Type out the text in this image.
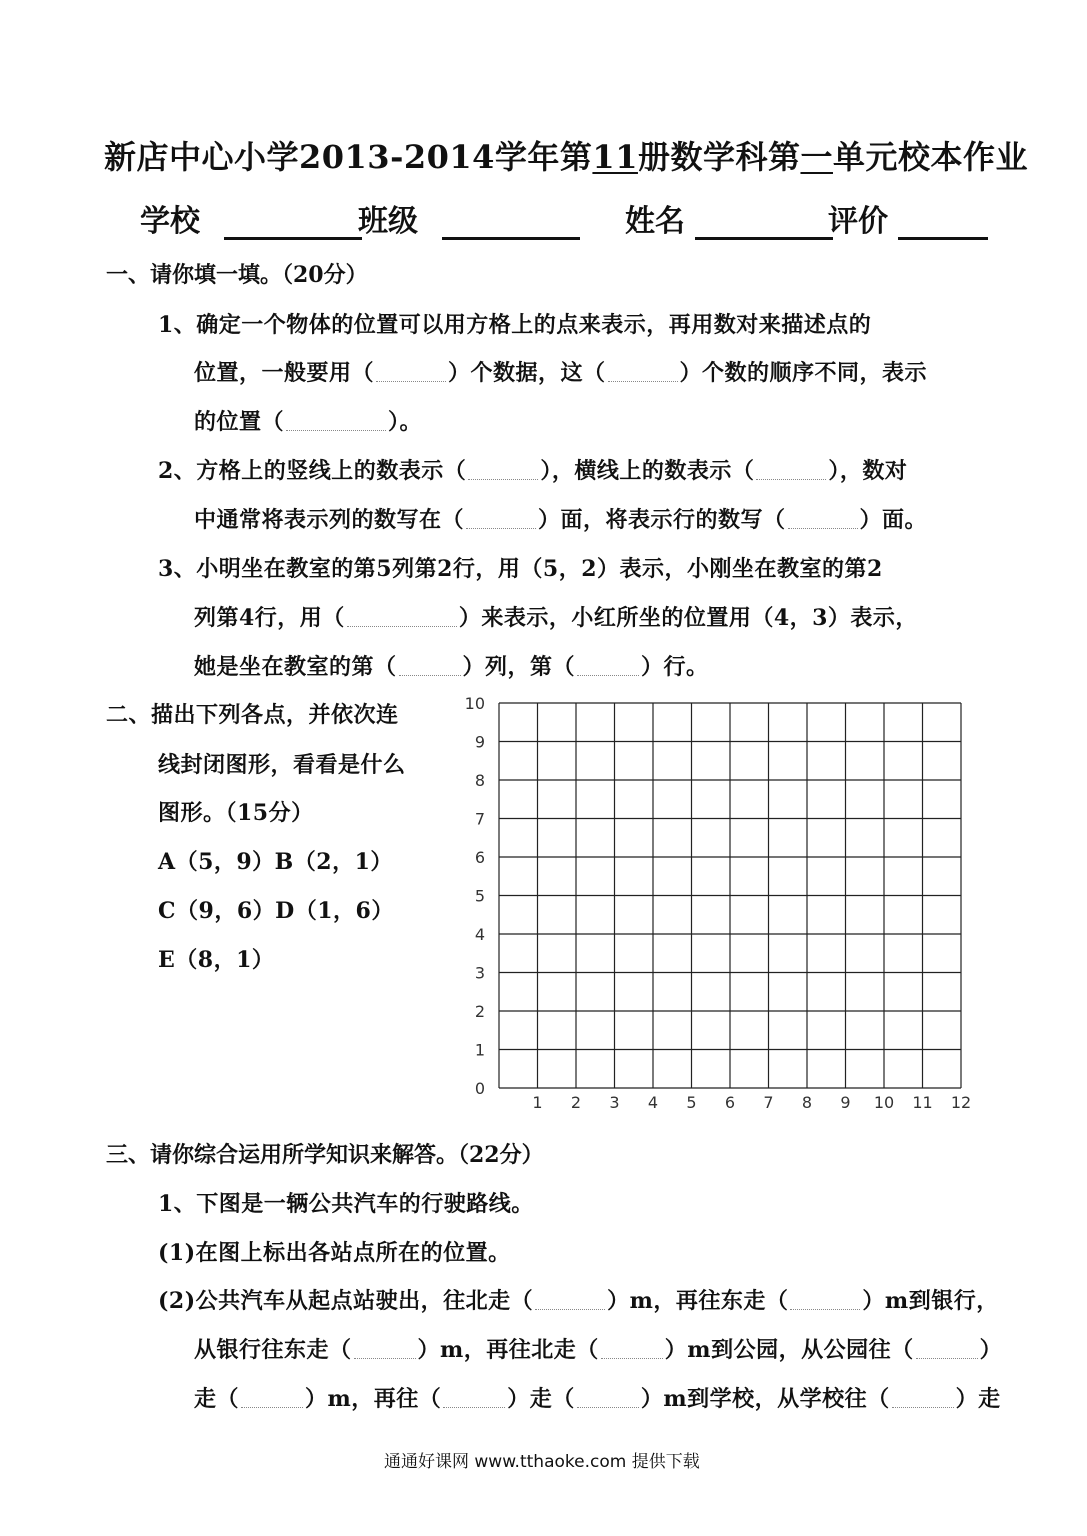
新店中心小学2013-2014学年第11册数学科第一单元校本作业
学校	班级	姓名	评价
一、请你填一填。（20分）
1、确定一个物体的位置可以用方格上的点来表示，再用数对来描述点的
位置，一般要用（	）个数据，这（	）个数的顺序不同，表示
的位置（	）。
2、方格上的竖线上的数表示（	），横线上的数表示（	），数对
中通常将表示列的数写在（	）面，将表示行的数写（	）面。
3、小明坐在教室的第5列第2行，用（5，2）表示，小刚坐在教室的第2
列第4行，用（	）来表示，小红所坐的位置用（4，3）表示，
她是坐在教室的第（	）列，第（	）行。
二、描出下列各点，并依次连
线封闭图形，看看是什么
图形。（15分）
A（5，9）B（2，1）
C（9，6）D（1，6）
E（8，1）
1 2 3 4 5 6 7 8 9 10 11 12
0
1
2
3
4
5
6
7
8
9
10
三、请你综合运用所学知识来解答。（22分）
1、下图是一辆公共汽车的行驶路线。
(1)在图上标出各站点所在的位置。
(2)公共汽车从起点站驶出，往北走（	）m，再往东走（	）m到银行，
从银行往东走（	）m，再往北走（	）m到公园，从公园往（	）
走（	）m，再往（	）走（	）m到学校，从学校往（	）走
通通好课网 www.tthaoke.com 提供下载
